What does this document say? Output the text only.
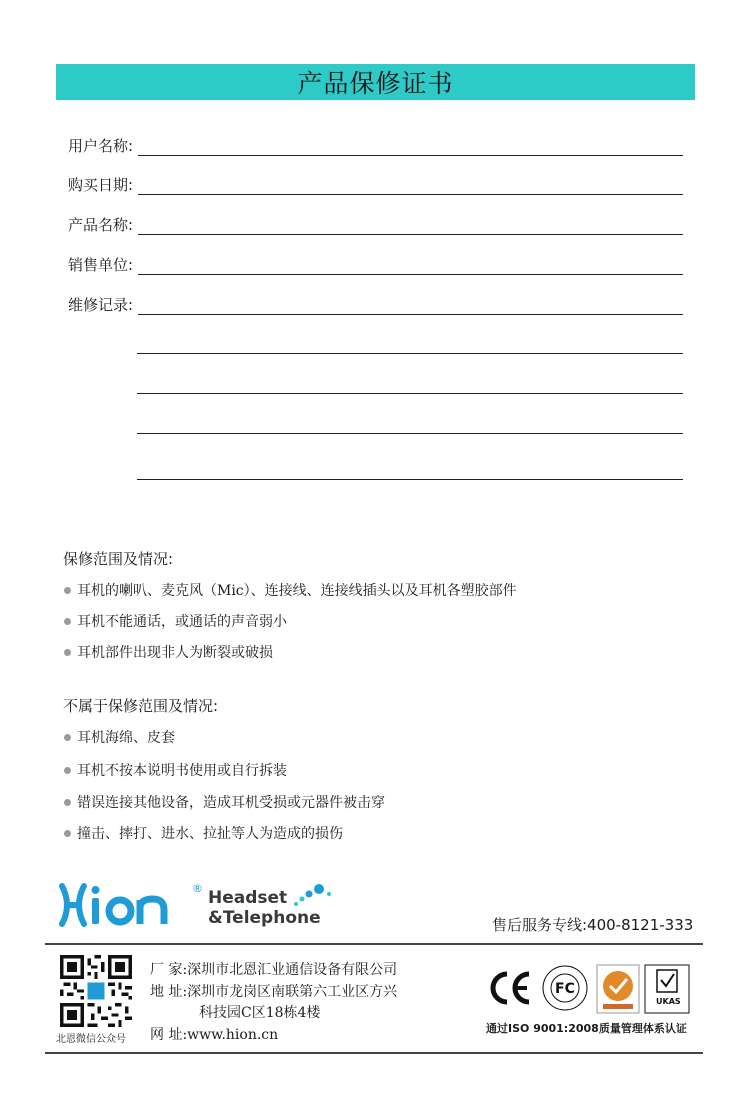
产品保修证书
用户名称:
购买日期:
产品名称:
销售单位:
维修记录:
保修范围及情况:
耳机的喇叭、麦克风（Mic）、连接线、连接线插头以及耳机各塑胶部件
耳机不能通话，或通话的声音弱小
耳机部件出现非人为断裂或破损
不属于保修范围及情况:
耳机海绵、皮套
耳机不按本说明书使用或自行拆装
错误连接其他设备，造成耳机受损或元器件被击穿
撞击、摔打、进水、拉扯等人为造成的损伤
® Headset
&Telephone	售后服务专线:400-8121-333
北恩微信公众号
厂 家:深圳市北恩汇业通信设备有限公司
地 址:深圳市龙岗区南联第六工业区方兴
科技园C区18栋4楼
网 址:www.hion.cn
FC
UKAS
通过ISO 9001:2008质量管理体系认证
